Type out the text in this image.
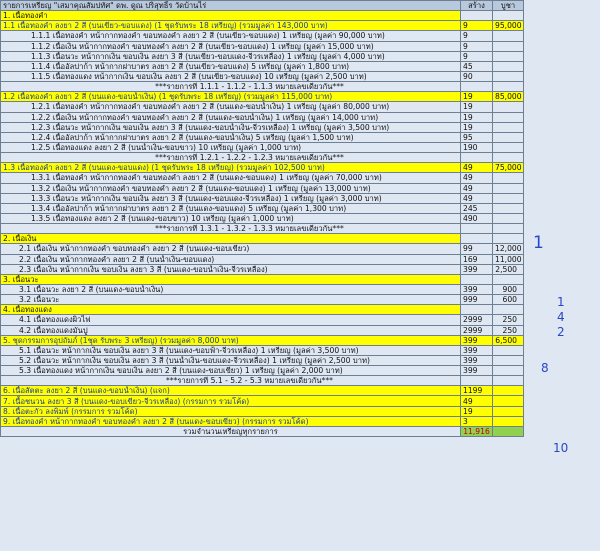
รายการเหรียญ "เสมาคุณสัมปทัศ" ดพ. ดูณ ปริสุทธิ์ร วัดบ้านไร่	สร้าง	บูชา
1. เนื้อทองคำ		
1.1 เนื้อทองคำ ลงยา 2 สี (บนเขียว-ขอบแดง) (1 ชุดรับพระ 18 เหรียญ) (รวมมูลค่า 143,000 บาท)	9	95,000
1.1.1 เนื้อทองคำ หน้ากากทองคำ ขอบทองคำ ลงยา 2 สี (บนเขียว-ขอบแดง) 1 เหรียญ (มูลค่า 90,000 บาท)	9	
1.1.2 เนื้อเงิน หน้ากากทองคำ ขอบทองคำ ลงยา 2 สี (บนเขียว-ขอบแดง) 1 เหรียญ (มูลค่า 15,000 บาท)	9	
1.1.3 เนื้อนวะ หน้ากากเงิน ขอบเงิน ลงยา 3 สี (บนเขียว-ขอบแดง-จีวรเหลือง) 1 เหรียญ (มูลค่า 4,000 บาท)	9	
1.1.4 เนื้ออัลปาก้า หน้ากากฝาบาตร ลงยา 2 สี (บนเขียว-ขอบแดง) 5 เหรียญ (มูลค่า 1,800 บาท)	45	
1.1.5 เนื้อทองแดง หน้ากากเงิน ขอบเงิน ลงยา 2 สี (บนเขียว-ขอบแดง) 10 เหรียญ (มูลค่า 2,500 บาท)	90	
***รายการที่ 1.1.1 - 1.1.2 - 1.1.3 หมายเลขเดียวกัน***		
1.2 เนื้อทองคำ ลงยา 2 สี (บนแดง-ขอบน้ำเงิน) (1 ชุดรับพระ 18 เหรียญ) (รวมมูลค่า 115,000 บาท)	19	85,000
1.2.1 เนื้อทองคำ หน้ากากทองคำ ขอบทองคำ ลงยา 2 สี (บนแดง-ขอบน้ำเงิน) 1 เหรียญ (มูลค่า 80,000 บาท)	19	
1.2.2 เนื้อเงิน หน้ากากทองคำ ขอบทองคำ ลงยา 2 สี (บนแดง-ขอบน้ำเงิน) 1 เหรียญ (มูลค่า 14,000 บาท)	19	
1.2.3 เนื้อนวะ หน้ากากเงิน ขอบเงิน ลงยา 3 สี (บนแดง-ขอบน้ำเงิน-จีวรเหลือง) 1 เหรียญ (มูลค่า 3,500 บาท)	19	
1.2.4 เนื้ออัลปาก้า หน้ากากฝาบาตร ลงยา 2 สี (บนแดง-ขอบน้ำเงิน) 5 เหรียญ (มูลค่า 1,500 บาท)	95	
1.2.5 เนื้อทองแดง ลงยา 2 สี (บนน้ำเงิน-ขอบขาว) 10 เหรียญ (มูลค่า 1,000 บาท)	190	
***รายการที่ 1.2.1 - 1.2.2 - 1.2.3 หมายเลขเดียวกัน***		
1.3 เนื้อทองคำ ลงยา 2 สี (บนแดง-ขอบแดง) (1 ชุดรับพระ 18 เหรียญ) (รวมมูลค่า 102,500 บาท)	49	75,000
1.3.1 เนื้อทองคำ หน้ากากทองคำ ขอบทองคำ ลงยา 2 สี (บนแดง-ขอบแดง) 1 เหรียญ (มูลค่า 70,000 บาท)	49	
1.3.2 เนื้อเงิน หน้ากากทองคำ ขอบทองคำ ลงยา 2 สี (บนแดง-ขอบแดง) 1 เหรียญ (มูลค่า 13,000 บาท)	49	
1.3.3 เนื้อนวะ หน้ากากเงิน ขอบเงิน ลงยา 3 สี (บนแดง-ขอบแดง-จีวรเหลือง) 1 เหรียญ (มูลค่า 3,000 บาท)	49	
1.3.4 เนื้ออัลปาก้า หน้ากากฝาบาตร ลงยา 2 สี (บนแดง-ขอบแดง) 5 เหรียญ (มูลค่า 1,300 บาท)	245	
1.3.5 เนื้อทองแดง ลงยา 2 สี (บนแดง-ขอบขาว) 10 เหรียญ (มูลค่า 1,000 บาท)	490	
***รายการที่ 1.3.1 - 1.3.2 - 1.3.3 หมายเลขเดียวกัน***		
2. เนื้อเงิน		
2.1 เนื้อเงิน หน้ากากทองคำ ขอบทองคำ ลงยา 2 สี (บนแดง-ขอบเขียว)	99	12,000
2.2 เนื้อเงิน หน้ากากทองคำ ลงยา 2 สี (บนน้ำเงิน-ขอบแดง)	169	11,000
2.3 เนื้อเงิน หน้ากากเงิน ขอบเงิน ลงยา 3 สี (บนแดง-ขอบน้ำเงิน-จีวรเหลือง)	399	2,500
3. เนื้อนวะ		
3.1 เนื้อนวะ ลงยา 2 สี (บนแดง-ขอบน้ำเงิน)	399	900
3.2 เนื้อนวะ	999	600
4. เนื้อทองแดง		
4.1 เนื้อทองแดงผิวไฟ	2999	250
4.2 เนื้อทองแดงมันปู	2999	250
5. ชุดกรรมการอุปถัมภ์ (1ชุด รับพระ 3 เหรียญ) (รวมมูลค่า 8,000 บาท)	399	6,500
5.1 เนื้อนวะ หน้ากากเงิน ขอบเงิน ลงยา 3 สี (บนแดง-ขอบฟ้า-จีวรเหลือง) 1 เหรียญ (มูลค่า 3,500 บาท)	399	
5.2 เนื้อนวะ หน้ากากเงิน ขอบเงิน ลงยา 3 สี (บนน้ำเงิน-ขอบแดง-จีวรเหลือง) 1 เหรียญ (มูลค่า 2,500 บาท)	399	
5.3 เนื้อทองแดง หน้ากากเงิน ขอบเงิน ลงยา 2 สี (บนแดง-ขอบเขียว) 1 เหรียญ (มูลค่า 2,000 บาท)	399	
***รายการที่ 5.1 - 5.2 - 5.3 หมายเลขเดียวกัน***		
6. เนื้อสัตตะ ลงยา 2 สี (บนแดง-ขอบน้ำเงิน) (แจก)	1199	
7. เนื้อชนวน ลงยา 3 สี (บนแดง-ขอบเขียว-จีวรเหลือง) (กรรมการ รวมโค้ด)	49	
8. เนื้อตะกั่ว ลงพิมพ์ (กรรมการ รวมโค้ด)	19	
9. เนื้อทองคำ หน้ากากทองคำ ขอบทองคำ ลงยา 2 สี (บนแดง-ขอบเขียว) (กรรมการ รวมโค้ด)	3	
รวมจำนวนเหรียญทุกรายการ	11,916	
1
1
4
2
8
10
